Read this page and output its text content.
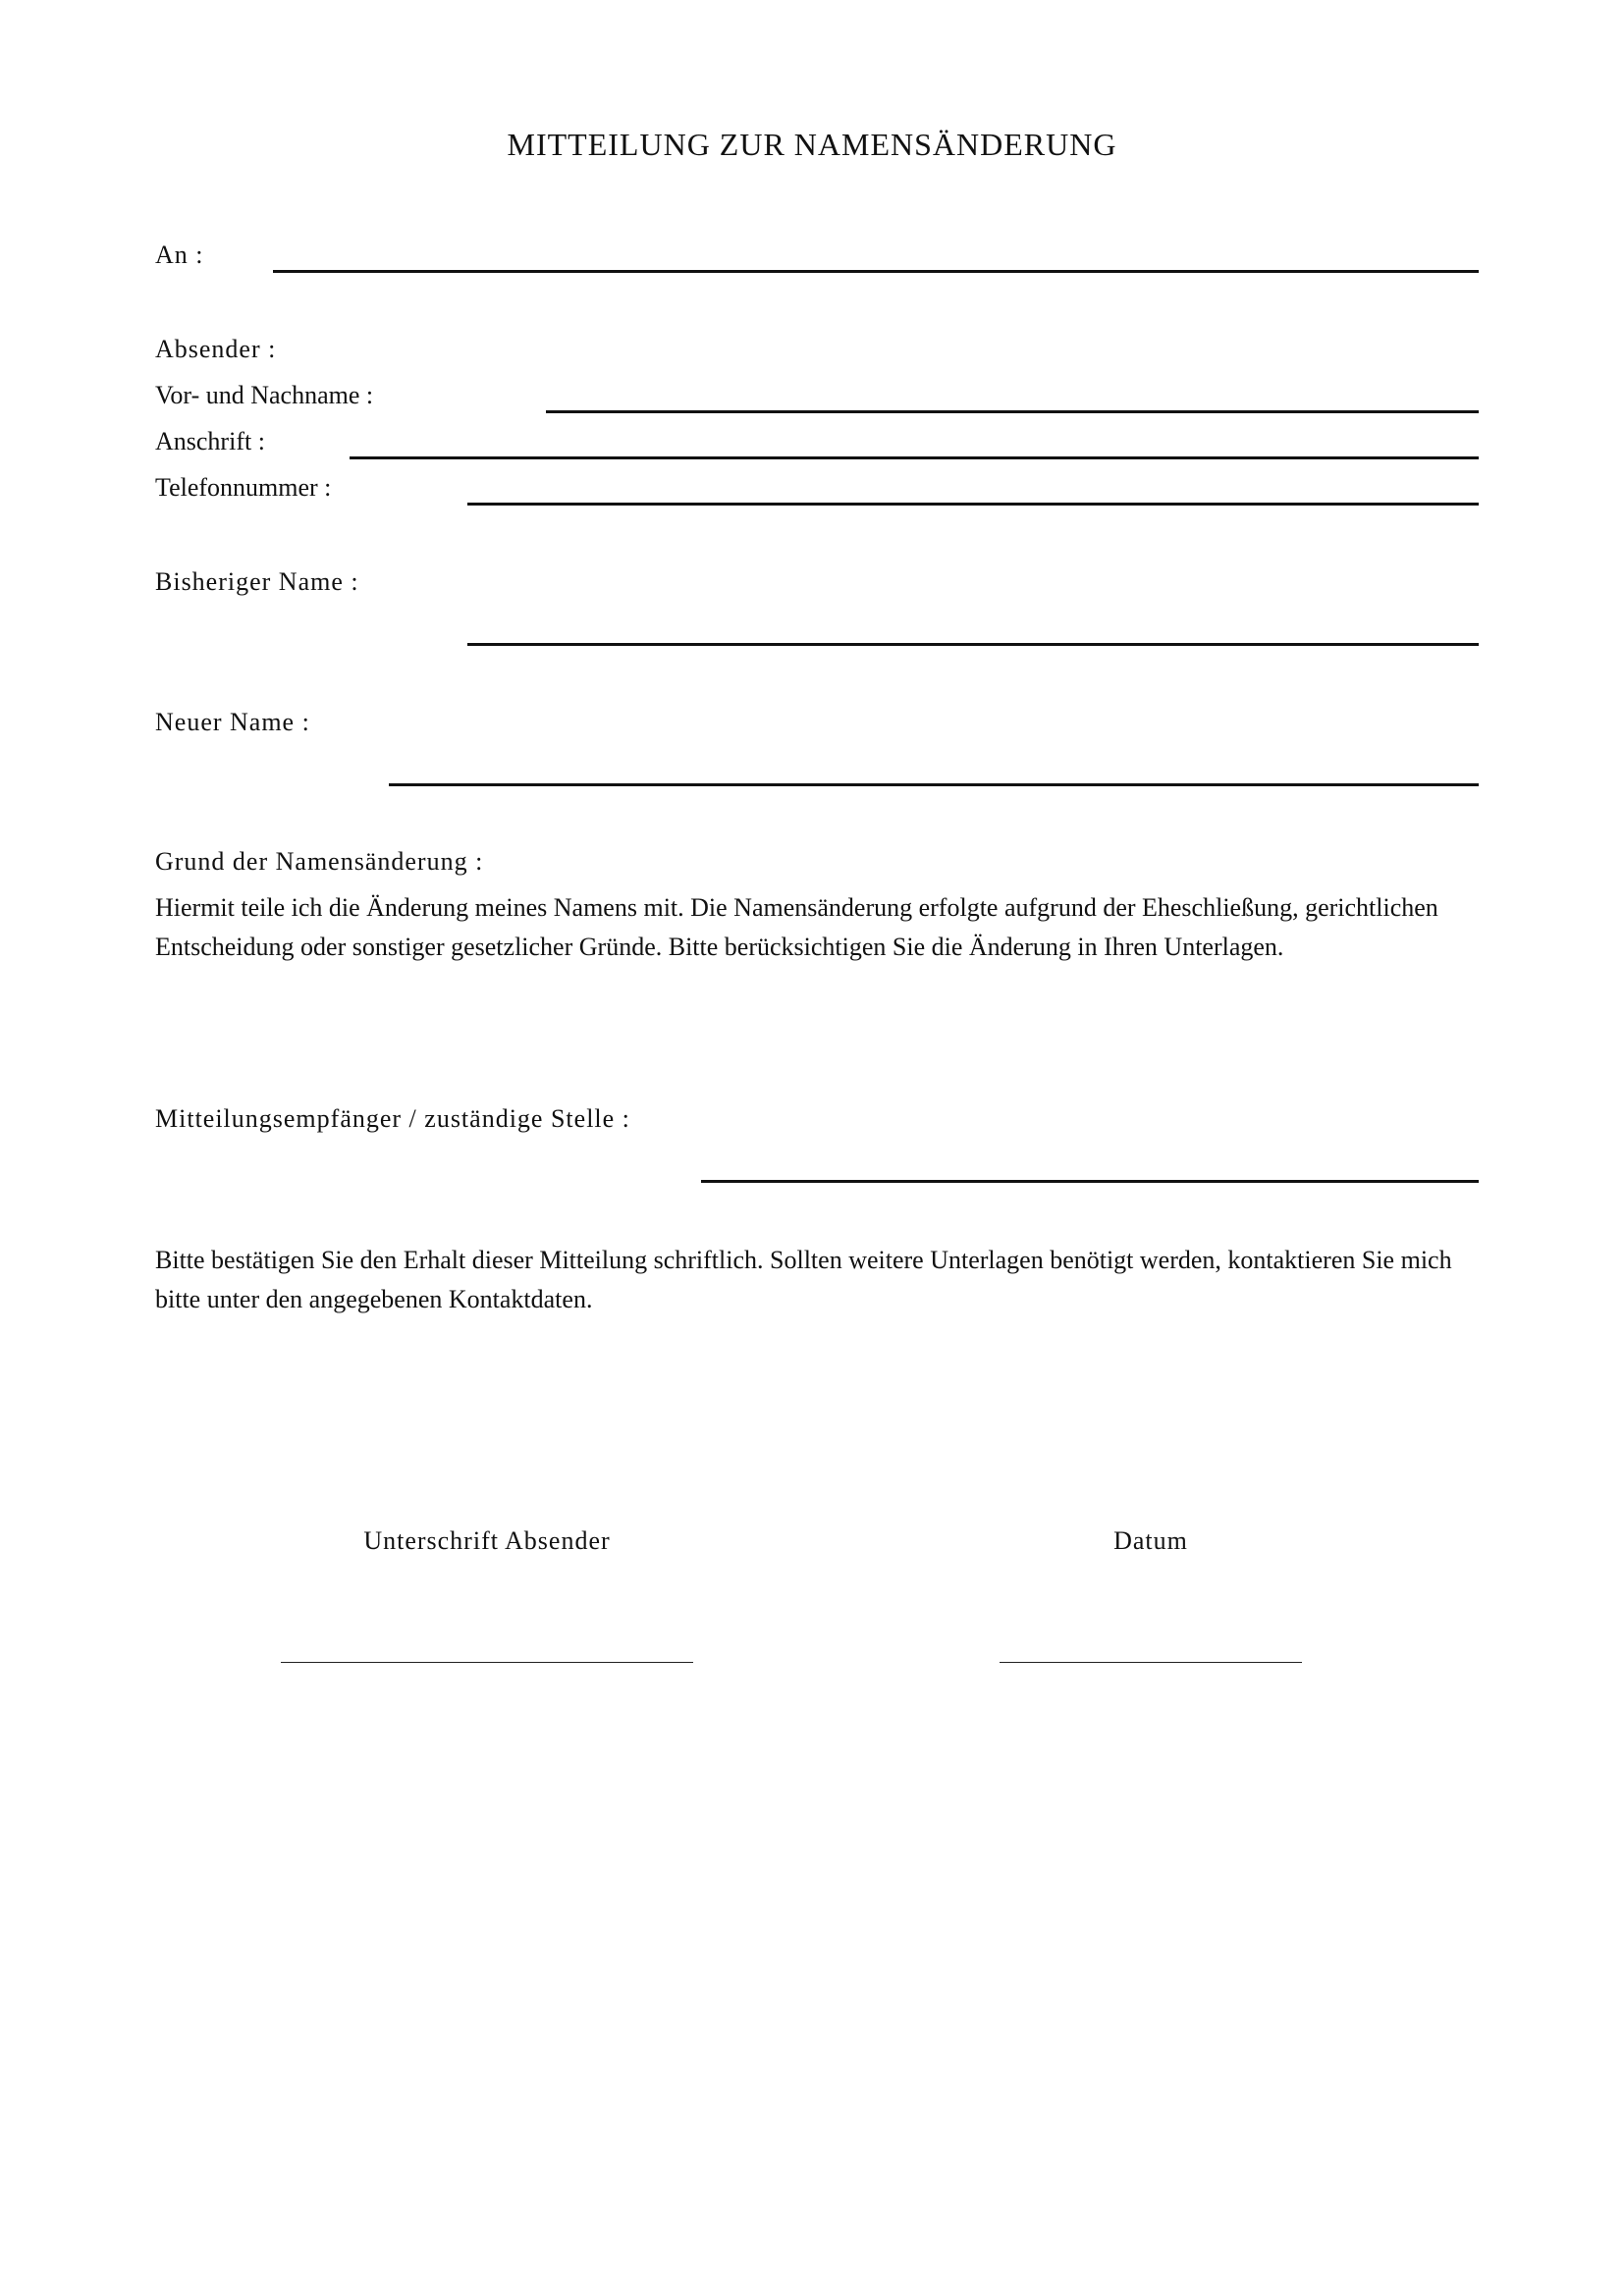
MITTEILUNG ZUR NAMENSÄNDERUNG
An :
Absender :
Vor- und Nachname :
Anschrift :
Telefonnummer :
Bisheriger Name :
Neuer Name :
Grund der Namensänderung :
Hiermit teile ich die Änderung meines Namens mit. Die Namensänderung erfolgte aufgrund der Eheschließung, gerichtlichen Entscheidung oder sonstiger gesetzlicher Gründe. Bitte berücksichtigen Sie die Änderung in Ihren Unterlagen.
Mitteilungsempfänger / zuständige Stelle :
Bitte bestätigen Sie den Erhalt dieser Mitteilung schriftlich. Sollten weitere Unterlagen benötigt werden, kontaktieren Sie mich bitte unter den angegebenen Kontaktdaten.
Unterschrift Absender	Datum
